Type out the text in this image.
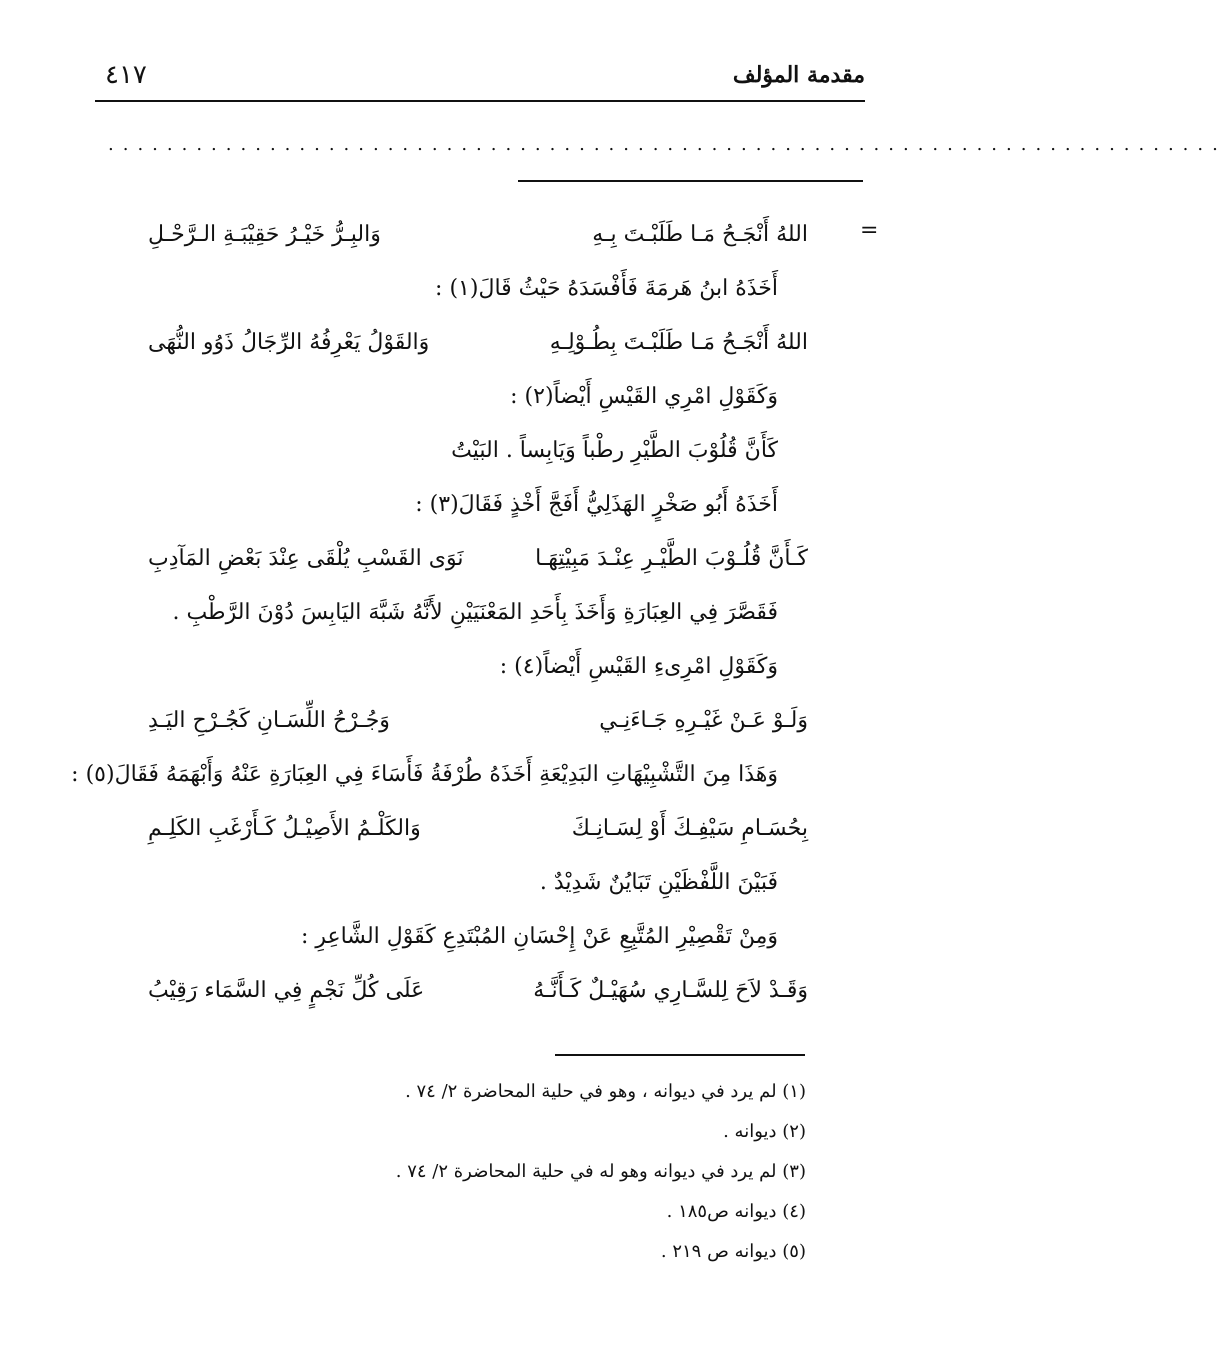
٤١٧	مقدمة المؤلف
............................................................................
=
اللهُ أَنْجَـحُ مَـا طَلَبْـتَ بِـهِ
وَالبِـرُّ خَيْـرُ حَقِيْبَـةِ الـرَّحْـلِ
أَخَذَهُ ابنُ هَرمَةَ فَأَفْسَدَهُ حَيْثُ قَالَ(١) :
اللهُ أَنْجَـحُ مَـا طَلَبْـتَ بِطُـوْلِـهِ
وَالقَوْلُ يَعْرِفُهُ الرِّجَالُ ذَوُو النُّهَى
وَكَقَوْلِ امْرِي القَيْسِ أَيْضاً(٢) :
كَأَنَّ قُلُوْبَ الطَّيْرِ رطْباً وَيَابِساً . البَيْتُ
أَخَذَهُ أَبُو صَخْرٍ الهَذَلِيُّ أَفَجَّ أَخْذٍ فَقَالَ(٣) :
كَـأَنَّ قُلُـوْبَ الطَّيْـرِ عِنْـدَ مَبِيْتِهَـا
نَوَى القَسْبِ يُلْقَى عِنْدَ بَعْضِ المَآدِبِ
فَقَصَّرَ فِي العِبَارَةِ وَأَخَذَ بِأَحَدِ المَعْنَيَيْنِ لأَنَّهُ شَبَّهَ اليَابِسَ دُوْنَ الرَّطْبِ .
وَكَقَوْلِ امْرِىءِ القَيْسِ أَيْضاً(٤) :
وَلَـوْ عَـنْ غَيْـرِهِ جَـاءَنِـي
وَجُـرْحُ اللِّسَـانِ كَجُـرْحِ اليَـدِ
وَهَذَا مِنَ التَّشْبِيْهَاتِ البَدِيْعَةِ أَخَذَهُ طُرْفَةُ فَأَسَاءَ فِي العِبَارَةِ عَنْهُ وَأَبْهَمَهُ فَقَالَ(٥) :
بِحُسَـامِ سَيْفِـكَ أَوْ لِسَـانِـكَ
وَالكَلْـمُ الأَصِيْـلُ كَـأَرْغَبِ الكَلِـمِ
فَبَيْنَ اللَّفْظَيْنِ تَبَايُنٌ شَدِيْدٌ .
وَمِنْ تَقْصِيْرِ المُتَّبِعِ عَنْ إِحْسَانِ المُبْتَدِعِ كَقَوْلِ الشَّاعِرِ :
وَقَـدْ لاَحَ لِلسَّـارِي سُهَيْـلٌ كَـأَنَّـهُ
عَلَى كُلِّ نَجْمٍ فِي السَّمَاء رَقِيْبُ
(١) لم يرد في ديوانه ، وهو في حلية المحاضرة ٢/ ٧٤ .
(٢) ديوانه .
(٣) لم يرد في ديوانه وهو له في حلية المحاضرة ٢/ ٧٤ .
(٤) ديوانه ص١٨٥ .
(٥) ديوانه ص ٢١٩ .
